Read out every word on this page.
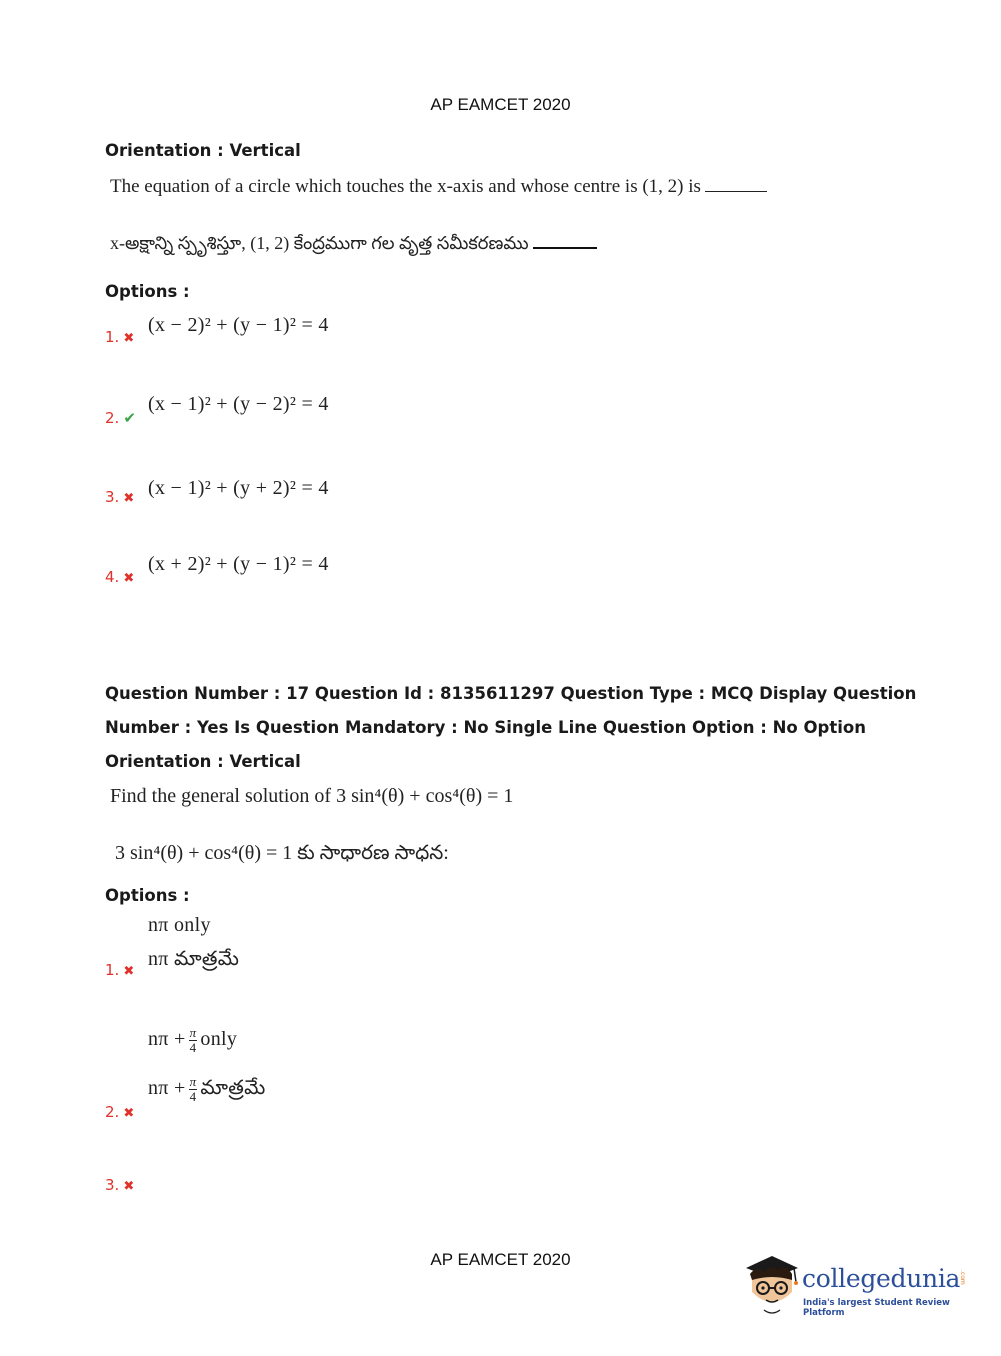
AP EAMCET 2020
Orientation : Vertical
The equation of a circle which touches the x-axis and whose centre is (1, 2) is
x-అక్షాన్ని స్పృశిస్తూ, (1, 2) కేంద్రముగా గల వృత్త సమీకరణము
Options :
1. ✖
(x − 2)² + (y − 1)² = 4
2. ✔
(x − 1)² + (y − 2)² = 4
3. ✖ (x − 1)² + (y + 2)² = 4
4. ✖
(x + 2)² + (y − 1)² = 4
Question Number : 17 Question Id : 8135611297 Question Type : MCQ Display Question
Number : Yes Is Question Mandatory : No Single Line Question Option : No Option
Orientation : Vertical
Find the general solution of 3 sin⁴(θ) + cos⁴(θ) = 1
3 sin⁴(θ) + cos⁴(θ) = 1 కు సాధారణ సాధన:
Options :
nπ only
nπ మాత్రమే
1. ✖
$n\pi + \frac{\pi}{4}$ only
$n\pi + \frac{\pi}{4}$ మాత్రమే
2. ✖
3. ✖
AP EAMCET 2020
collegedunia
.com
India's largest Student Review Platform
